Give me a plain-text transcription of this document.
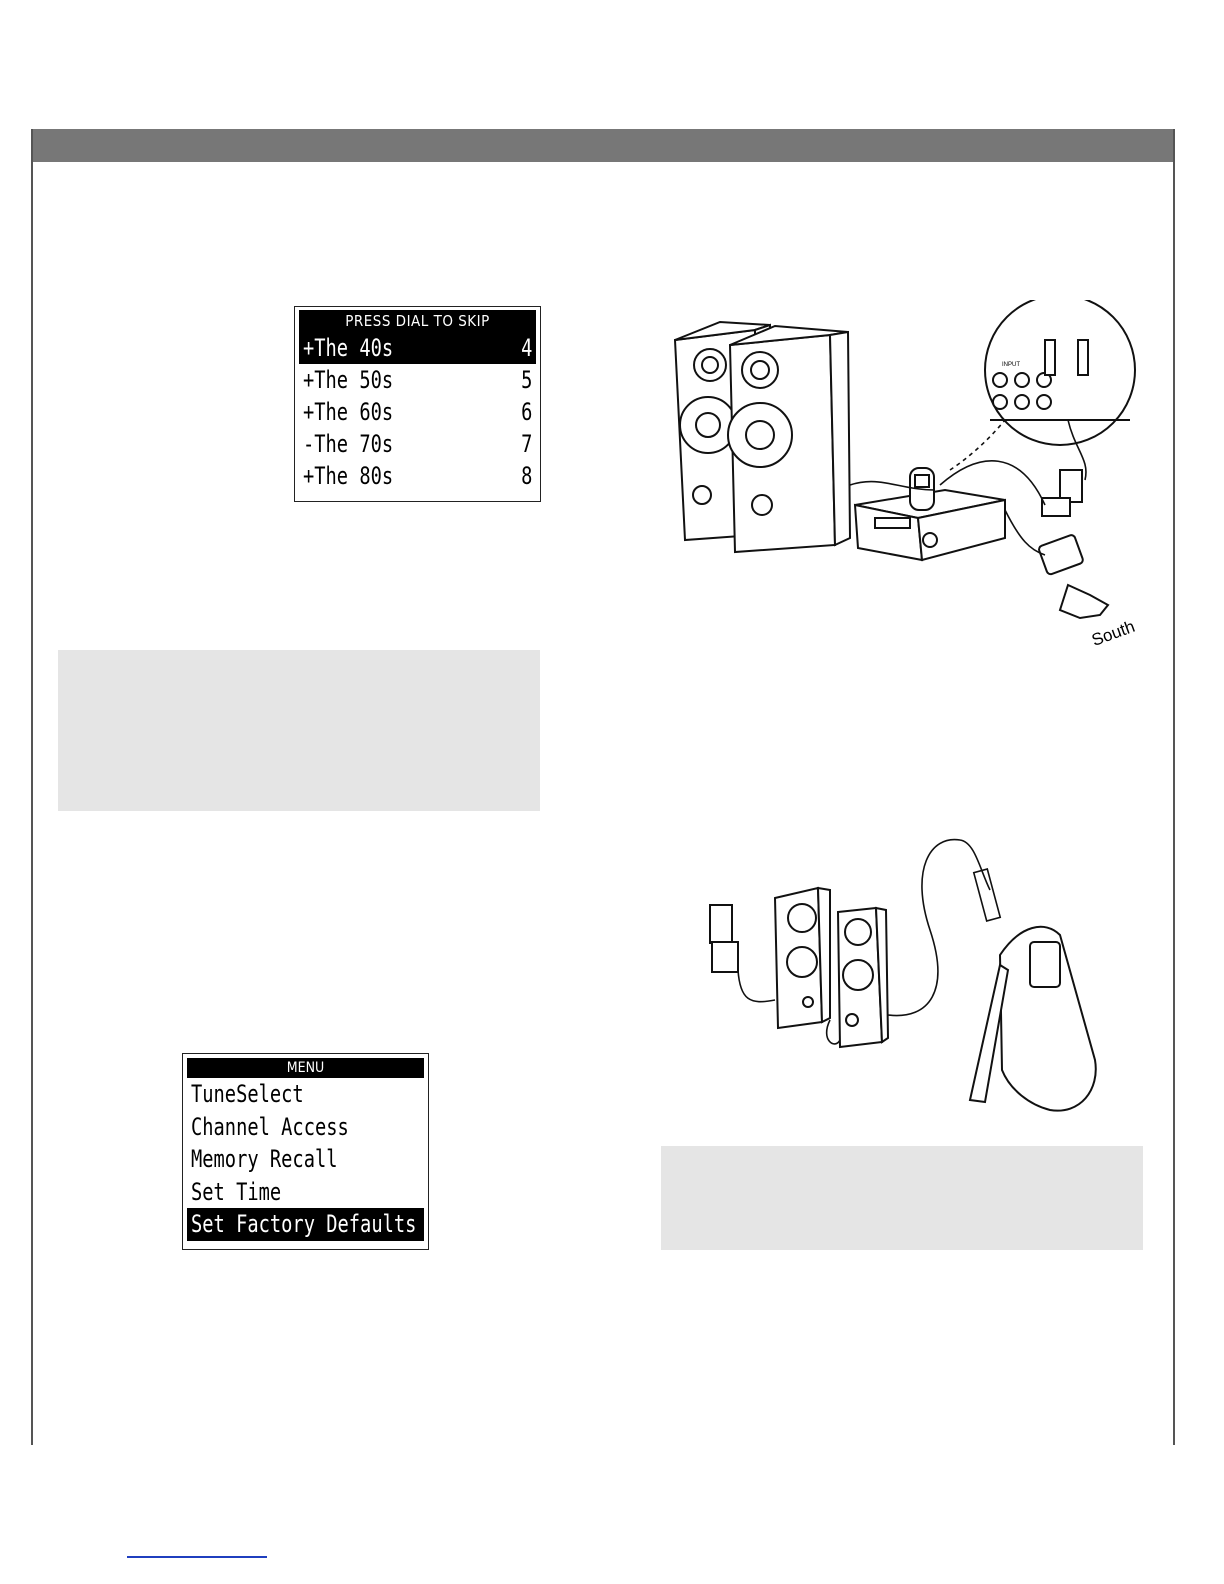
PRESS DIAL TO SKIP
+The 40s	4
+The 50s	5
+The 60s	6
-The 70s	7
+The 80s	8
MENU
TuneSelect
Channel Access
Memory Recall
Set Time
Set Factory Defaults
South
INPUT
